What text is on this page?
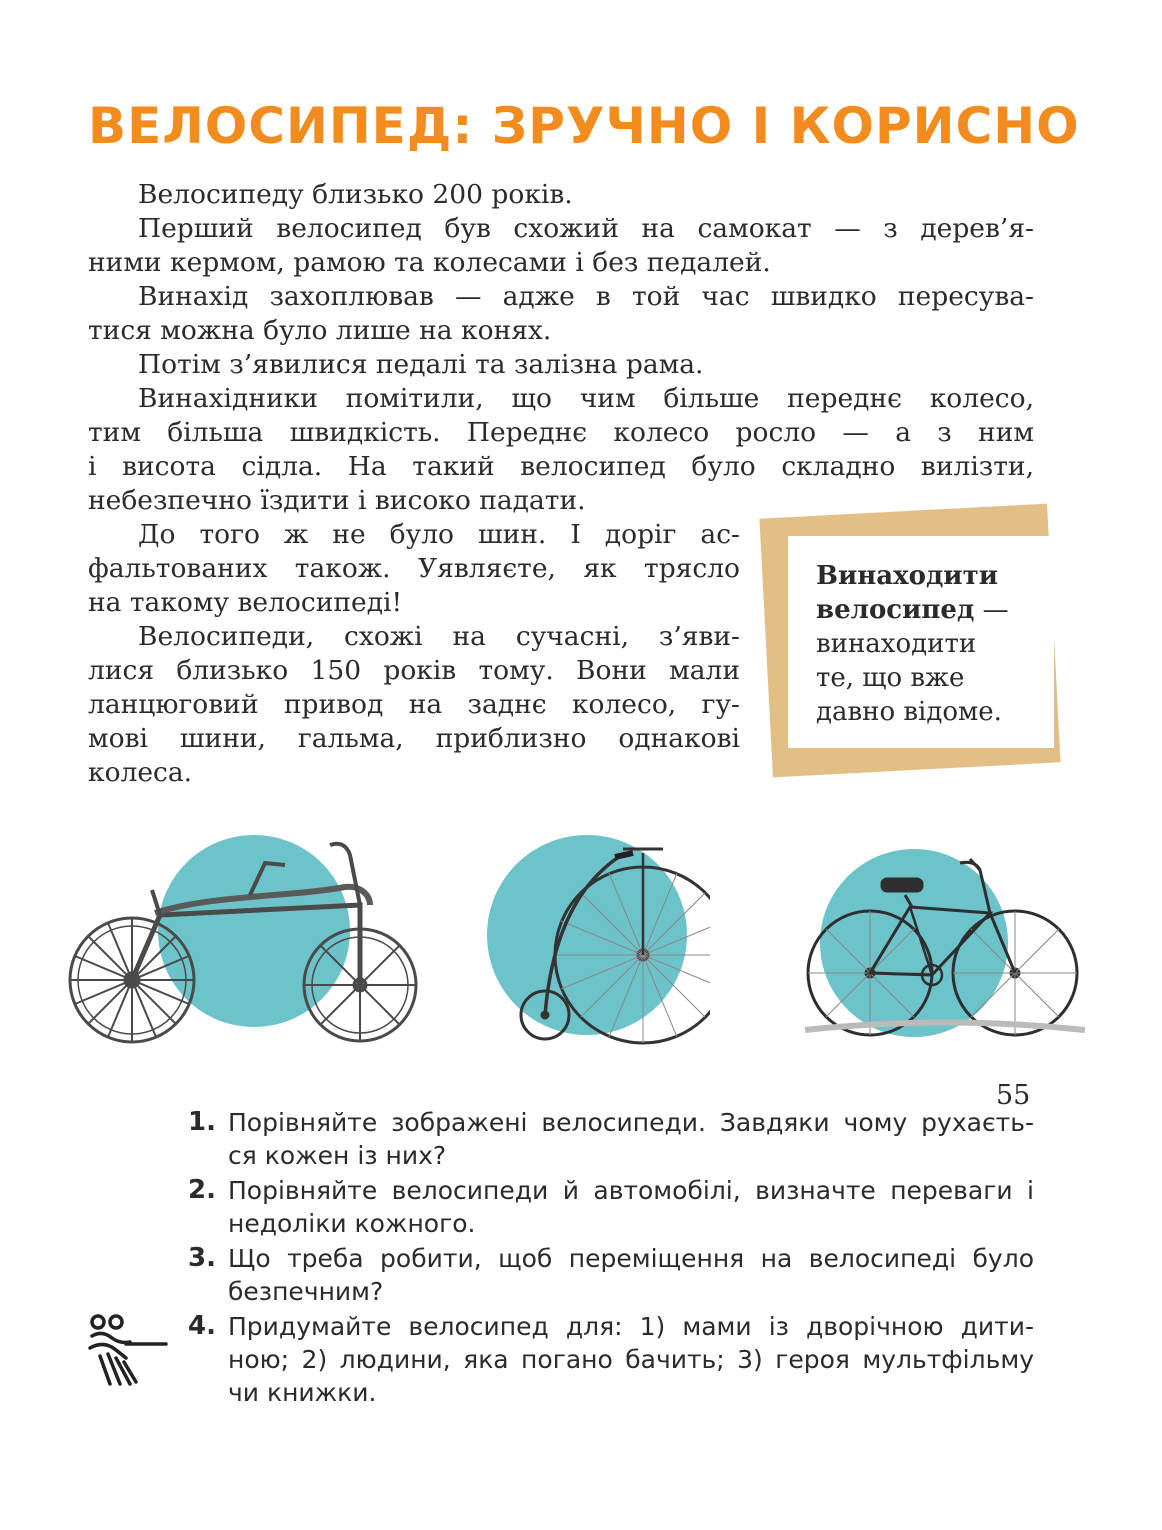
ВЕЛОСИПЕД: ЗРУЧНО І КОРИСНО
Велосипеду близько 200 років.
Перший велосипед був схожий на самокат — з дерев’я-
ними кермом, рамою та колесами і без педалей.
Винахід захоплював — адже в той час швидко пересува-
тися можна було лише на конях.
Потім з’явилися педалі та залізна рама.
Винахідники помітили, що чим більше переднє колесо,
тим більша швидкість. Переднє колесо росло — а з ним
і висота сідла. На такий велосипед було складно вилізти,
небезпечно їздити і високо падати.
До того ж не було шин. І доріг ас-
фальтованих також. Уявляєте, як трясло
на такому велосипеді!
Велосипеди, схожі на сучасні, з’яви-
лися близько 150 років тому. Вони мали
ланцюговий привод на заднє колесо, гу-
мові шини, гальма, приблизно однакові
колеса.

Винаходити
велосипед —
винаходити
те, що вже
давно відоме.

1. Порівняйте зображені велосипеди. Завдяки чому рухаєть-
ся кожен із них?
2. Порівняйте велосипеди й автомобілі, визначте переваги і
недоліки кожного.
3. Що треба робити, щоб переміщення на велосипеді було
безпечним?
4. Придумайте велосипед для: 1) мами із дворічною дити-
ною; 2) людини, яка погано бачить; 3) героя мультфільму
чи книжки.
55
